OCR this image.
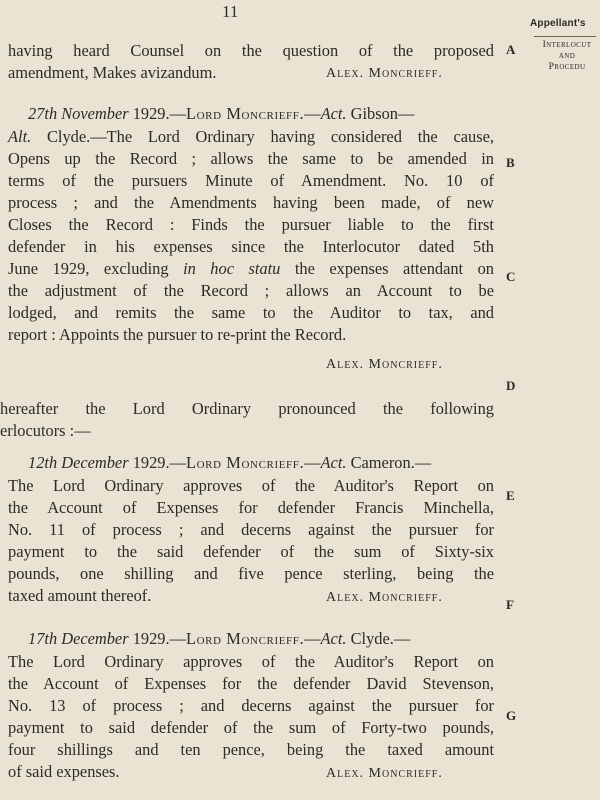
11
Appellant's
Interlocut
and
Procedu
A
B
C
D
E
F
G
having heard Counsel on the question of the proposed
amendment, Makes avizandum.	Alex. Moncrieff.
27th November 1929.—Lord Moncrieff.—Act. Gibson—
Alt. Clyde.—The Lord Ordinary having considered the cause,
Opens up the Record ; allows the same to be amended in
terms of the pursuers Minute of Amendment. No. 10 of
process ; and the Amendments having been made, of new
Closes the Record : Finds the pursuer liable to the first
defender in his expenses since the Interlocutor dated 5th
June 1929, excluding in hoc statu the expenses attendant on
the adjustment of the Record ; allows an Account to be
lodged, and remits the same to the Auditor to tax, and
report : Appoints the pursuer to re-print the Record.
Alex. Moncrieff.
hereafter the Lord Ordinary pronounced the following
erlocutors :—
12th December 1929.—Lord Moncrieff.—Act. Cameron.—
The Lord Ordinary approves of the Auditor's Report on
the Account of Expenses for defender Francis Minchella,
No. 11 of process ; and decerns against the pursuer for
payment to the said defender of the sum of Sixty-six
pounds, one shilling and five pence sterling, being the
taxed amount thereof.	Alex. Moncrieff.
17th December 1929.—Lord Moncrieff.—Act. Clyde.—
The Lord Ordinary approves of the Auditor's Report on
the Account of Expenses for the defender David Stevenson,
No. 13 of process ; and decerns against the pursuer for
payment to said defender of the sum of Forty-two pounds,
four shillings and ten pence, being the taxed amount
of said expenses.	Alex. Moncrieff.
